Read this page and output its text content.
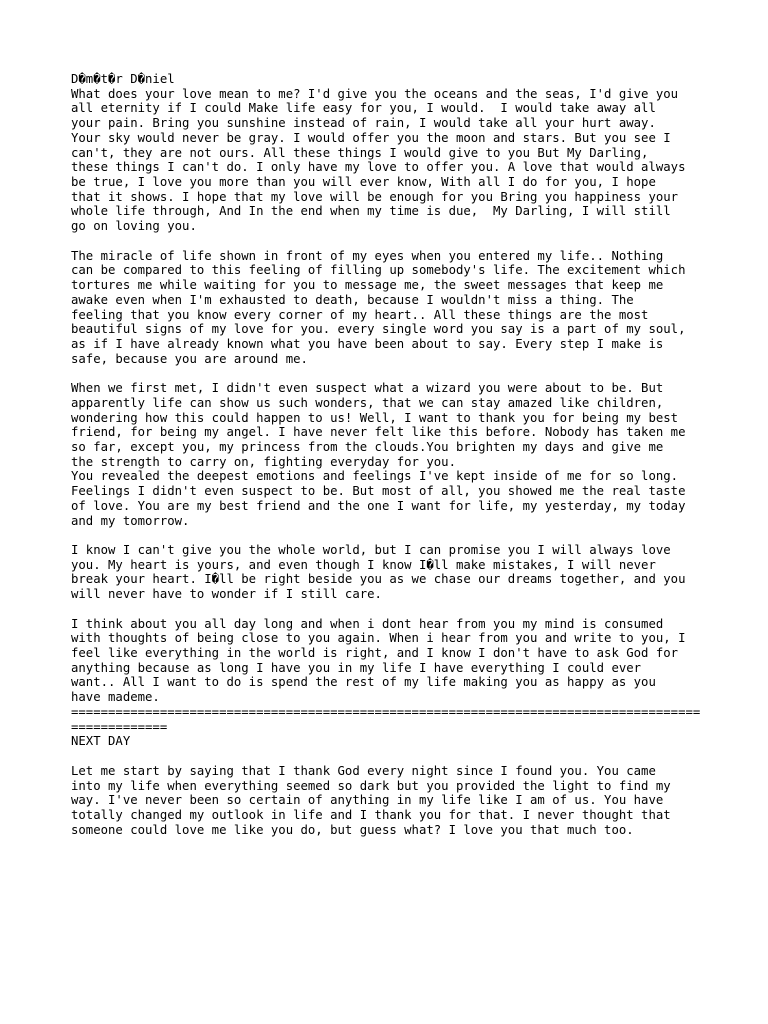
D�m�t�r D�niel
What does your love mean to me? I'd give you the oceans and the seas, I'd give you
all eternity if I could Make life easy for you, I would.  I would take away all
your pain. Bring you sunshine instead of rain, I would take all your hurt away.
Your sky would never be gray. I would offer you the moon and stars. But you see I
can't, they are not ours. All these things I would give to you But My Darling,
these things I can't do. I only have my love to offer you. A love that would always
be true, I love you more than you will ever know, With all I do for you, I hope
that it shows. I hope that my love will be enough for you Bring you happiness your
whole life through, And In the end when my time is due,  My Darling, I will still
go on loving you.
The miracle of life shown in front of my eyes when you entered my life.. Nothing
can be compared to this feeling of filling up somebody's life. The excitement which
tortures me while waiting for you to message me, the sweet messages that keep me
awake even when I'm exhausted to death, because I wouldn't miss a thing. The
feeling that you know every corner of my heart.. All these things are the most
beautiful signs of my love for you. every single word you say is a part of my soul,
as if I have already known what you have been about to say. Every step I make is
safe, because you are around me.
When we first met, I didn't even suspect what a wizard you were about to be. But
apparently life can show us such wonders, that we can stay amazed like children,
wondering how this could happen to us! Well, I want to thank you for being my best
friend, for being my angel. I have never felt like this before. Nobody has taken me
so far, except you, my princess from the clouds.You brighten my days and give me
the strength to carry on, fighting everyday for you.
You revealed the deepest emotions and feelings I've kept inside of me for so long.
Feelings I didn't even suspect to be. But most of all, you showed me the real taste
of love. You are my best friend and the one I want for life, my yesterday, my today
and my tomorrow.
I know I can't give you the whole world, but I can promise you I will always love
you. My heart is yours, and even though I know I�ll make mistakes, I will never
break your heart. I�ll be right beside you as we chase our dreams together, and you
will never have to wonder if I still care.
I think about you all day long and when i dont hear from you my mind is consumed
with thoughts of being close to you again. When i hear from you and write to you, I
feel like everything in the world is right, and I know I don't have to ask God for
anything because as long I have you in my life I have everything I could ever
want.. All I want to do is spend the rest of my life making you as happy as you
have mademe.
=====================================================================================
=============
NEXT DAY
Let me start by saying that I thank God every night since I found you. You came
into my life when everything seemed so dark but you provided the light to find my
way. I've never been so certain of anything in my life like I am of us. You have
totally changed my outlook in life and I thank you for that. I never thought that
someone could love me like you do, but guess what? I love you that much too.
